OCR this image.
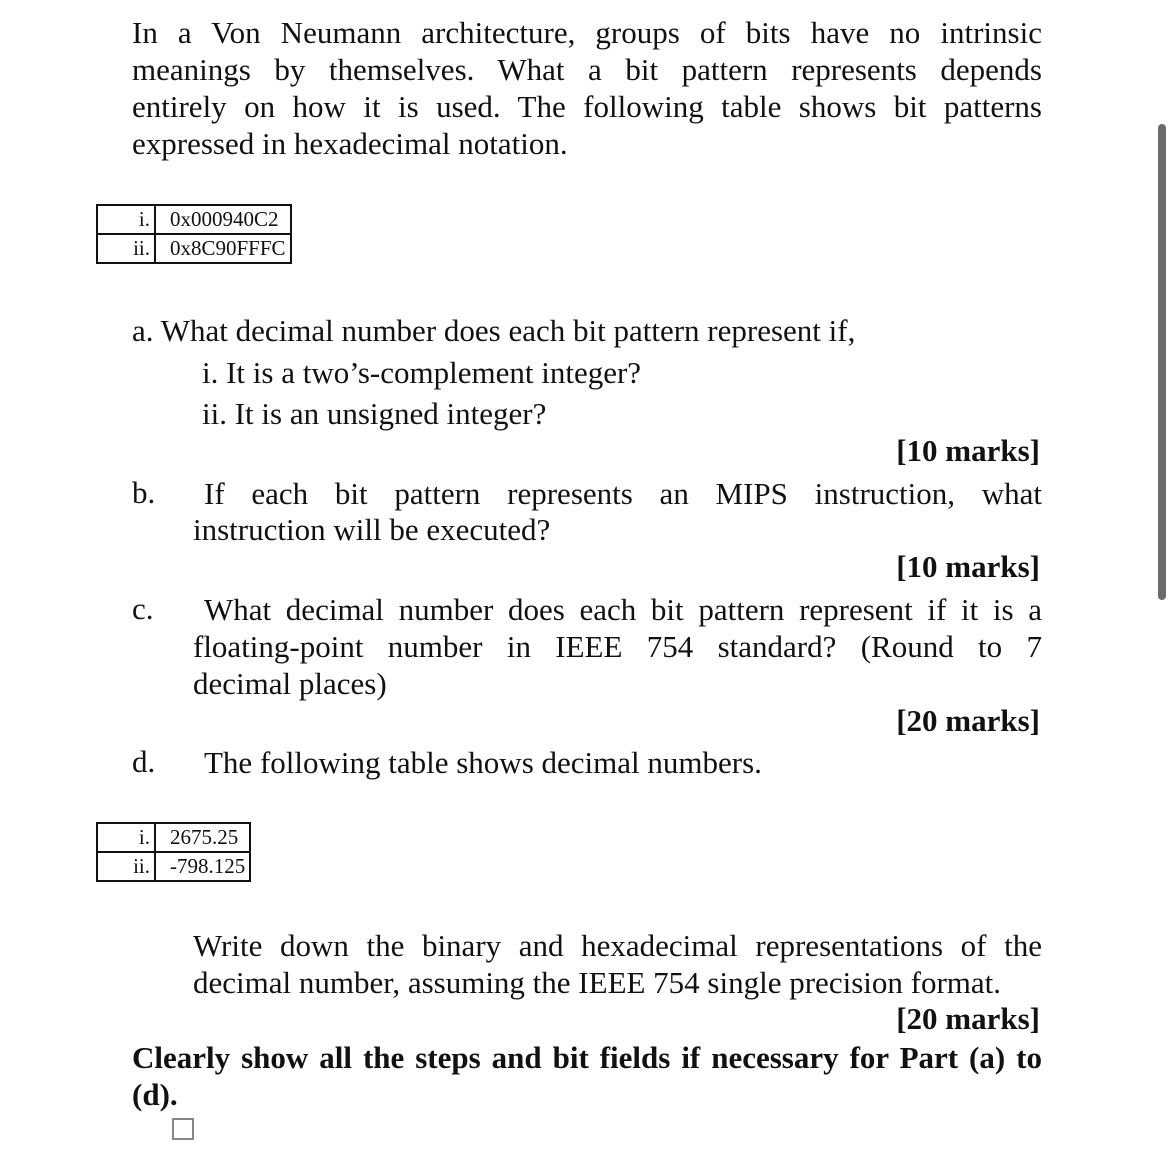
In a Von Neumann architecture, groups of bits have no intrinsic
meanings by themselves. What a bit pattern represents depends
entirely on how it is used. The following table shows bit patterns
expressed in hexadecimal notation.
i.	0x000940C2
ii.	0x8C90FFFC
a. What decimal number does each bit pattern represent if,
i. It is a two’s-complement integer?
ii. It is an unsigned integer?
[10 marks]
b. If each bit pattern represents an MIPS instruction, what
instruction will be executed?
[10 marks]
c. What decimal number does each bit pattern represent if it is a
floating-point number in IEEE 754 standard? (Round to 7
decimal places)
[20 marks]
d. The following table shows decimal numbers.
i.	2675.25
ii.	-798.125
Write down the binary and hexadecimal representations of the
decimal number, assuming the IEEE 754 single precision format.
[20 marks]
Clearly show all the steps and bit fields if necessary for Part (a) to
(d).
